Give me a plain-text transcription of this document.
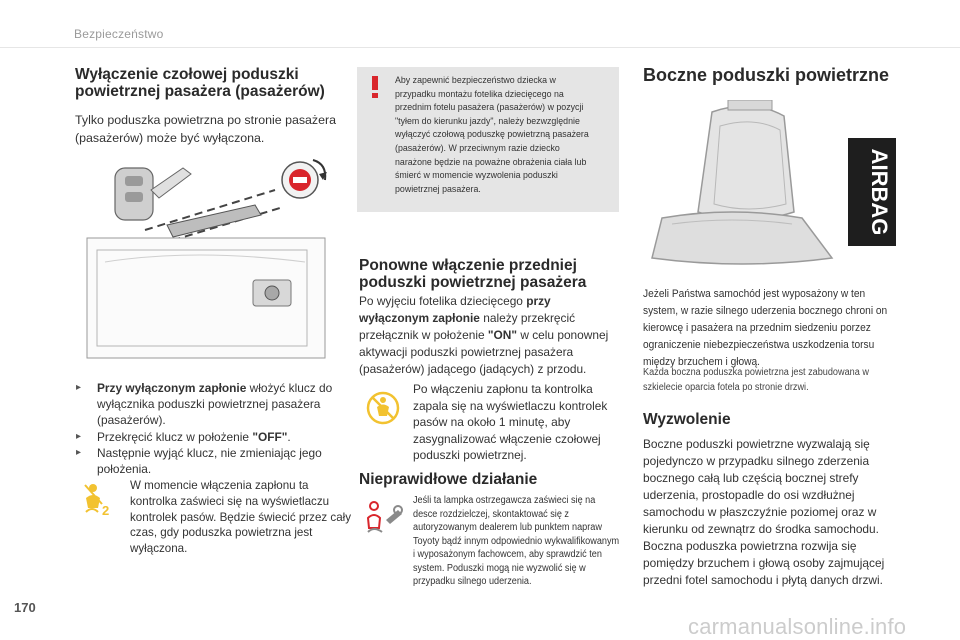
Bezpieczeństwo
Wyłączenie czołowej poduszki powietrznej pasażera (pasażerów)

Tylko poduszka powietrzna po stronie pasażera (pasażerów) może być wyłączona.

▸ Przy wyłączonym zapłonie włożyć klucz do wyłącznika poduszki powietrznej pasażera (pasażerów).
▸ Przekręcić klucz w położenie "OFF".
▸ Następnie wyjąć klucz, nie zmieniając jego położenia.
2

W momencie włączenia zapłonu ta kontrolka zaświeci się na wyświetlaczu kontrolek pasów. Będzie świecić przez cały czas, gdy poduszka powietrzna jest wyłączona.

Aby zapewnić bezpieczeństwo dziecka w przypadku montażu fotelika dziecięcego na przednim fotelu pasażera (pasażerów) w pozycji "tyłem do kierunku jazdy", należy bezwzględnie wyłączyć czołową poduszkę powietrzną pasażera (pasażerów). W przeciwnym razie dziecko narażone będzie na poważne obrażenia ciała lub śmierć w momencie wyzwolenia poduszki powietrznej pasażera.

Ponowne włączenie przedniej poduszki powietrznej pasażera

Po wyjęciu fotelika dziecięcego przy wyłączonym zapłonie należy przekręcić przełącznik w położenie "ON" w celu ponownej aktywacji poduszki powietrznej pasażera (pasażerów) jadącego (jadących) z przodu.

Po włączeniu zapłonu ta kontrolka zapala się na wyświetlaczu kontrolek pasów na około 1 minutę, aby zasygnalizować włączenie czołowej poduszki powietrznej.

Nieprawidłowe działanie

Jeśli ta lampka ostrzegawcza zaświeci się na desce rozdzielczej, skontaktować się z autoryzowanym dealerem lub punktem napraw Toyoty bądź innym odpowiednio wykwalifikowanym i wyposażonym fachowcem, aby sprawdzić ten system. Poduszki mogą nie wyzwolić się w przypadku silnego uderzenia.

Boczne poduszki powietrzne
AIRBAG

Jeżeli Państwa samochód jest wyposażony w ten system, w razie silnego uderzenia bocznego chroni on kierowcę i pasażera na przednim siedzeniu porzez ograniczenie niebezpieczeństwa uszkodzenia torsu między brzuchem i głową.

Każda boczna poduszka powietrzna jest zabudowana w szkielecie oparcia fotela po stronie drzwi.

Wyzwolenie

Boczne poduszki powietrzne wyzwalają się pojedynczo w przypadku silnego zderzenia bocznego całą lub częścią bocznej strefy uderzenia, prostopadle do osi wzdłużnej samochodu w płaszczyźnie poziomej oraz w kierunku od zewnątrz do środka samochodu. Boczna poduszka powietrzna rozwija się pomiędzy brzuchem i głową osoby zajmującej przedni fotel samochodu i płytą danych drzwi.

170
carmanualsonline.info
